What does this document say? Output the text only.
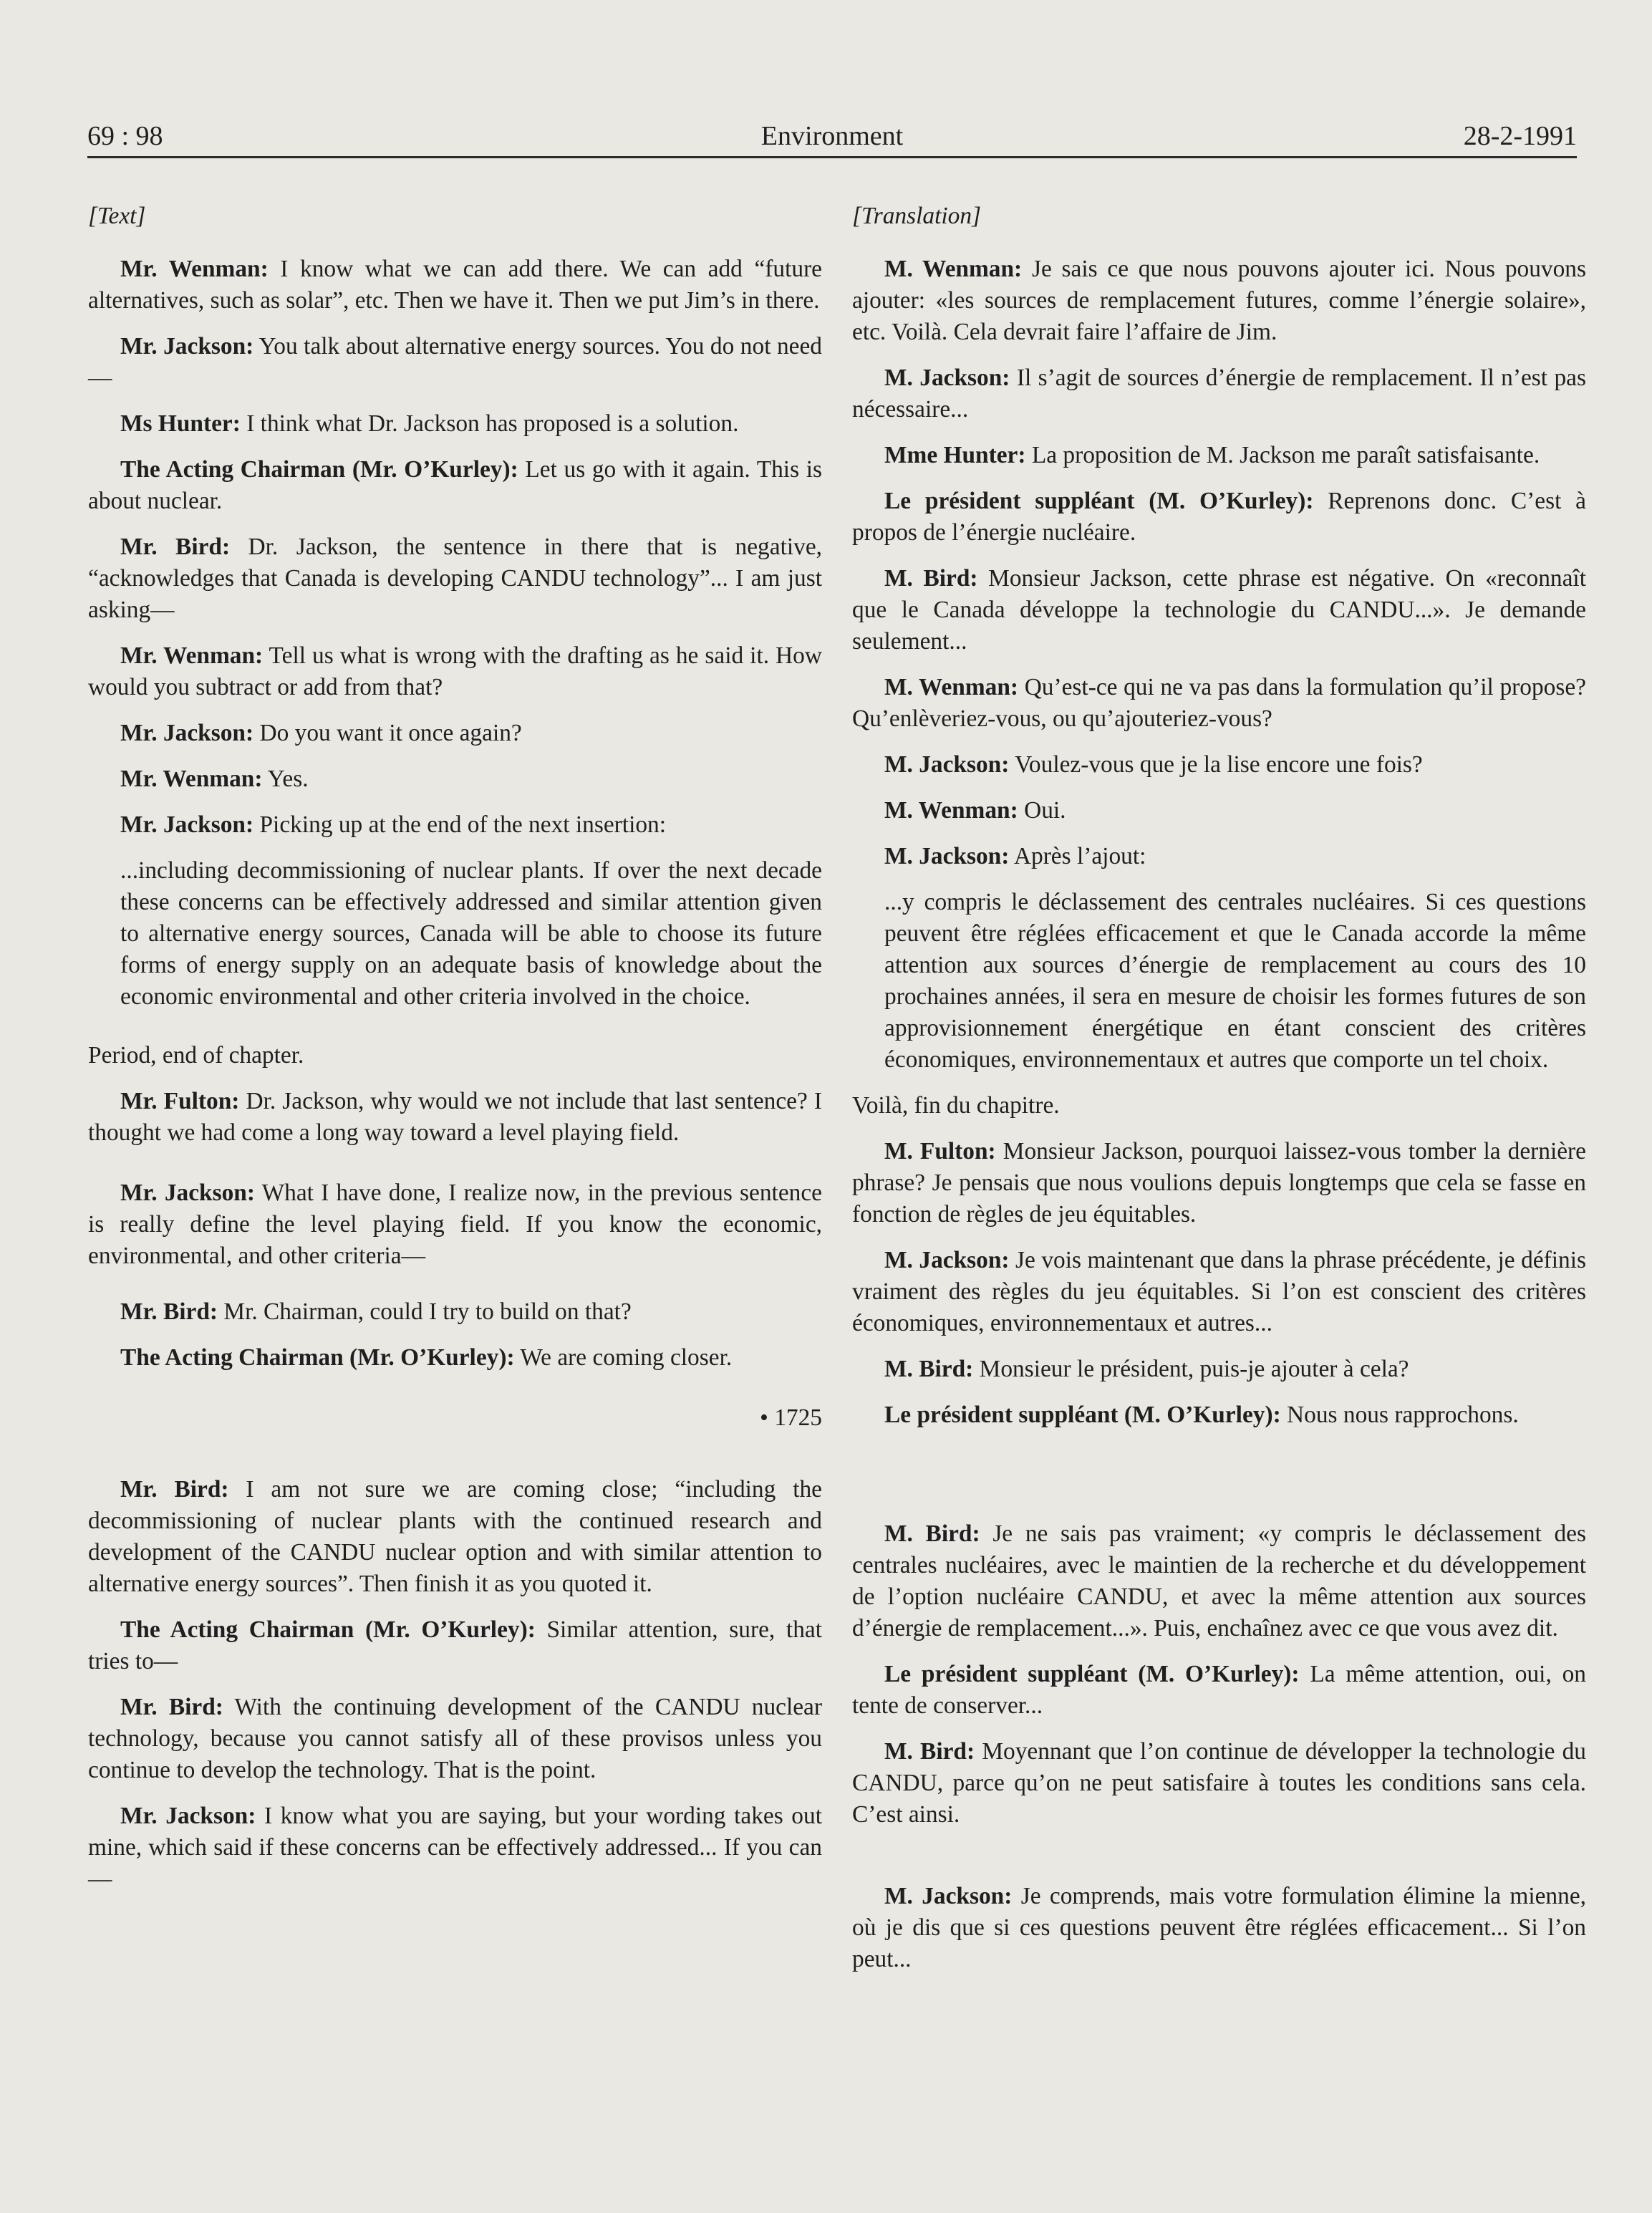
69 : 98	Environment	28-2-1991

[Text]

Mr. Wenman: I know what we can add there. We can add “future alternatives, such as solar”, etc. Then we have it. Then we put Jim’s in there.

Mr. Jackson: You talk about alternative energy sources. You do not need—

Ms Hunter: I think what Dr. Jackson has proposed is a solution.

The Acting Chairman (Mr. O’Kurley): Let us go with it again. This is about nuclear.

Mr. Bird: Dr. Jackson, the sentence in there that is negative, “acknowledges that Canada is developing CANDU technology”... I am just asking—

Mr. Wenman: Tell us what is wrong with the drafting as he said it. How would you subtract or add from that?

Mr. Jackson: Do you want it once again?

Mr. Wenman: Yes.

Mr. Jackson: Picking up at the end of the next insertion:

...including decommissioning of nuclear plants. If over the next decade these concerns can be effectively addressed and similar attention given to alternative energy sources, Canada will be able to choose its future forms of energy supply on an adequate basis of knowledge about the economic environmental and other criteria involved in the choice.

Period, end of chapter.

Mr. Fulton: Dr. Jackson, why would we not include that last sentence? I thought we had come a long way toward a level playing field.

Mr. Jackson: What I have done, I realize now, in the previous sentence is really define the level playing field. If you know the economic, environmental, and other criteria—

Mr. Bird: Mr. Chairman, could I try to build on that?

The Acting Chairman (Mr. O’Kurley): We are coming closer.

• 1725

Mr. Bird: I am not sure we are coming close; “including the decommissioning of nuclear plants with the continued research and development of the CANDU nuclear option and with similar attention to alternative energy sources”. Then finish it as you quoted it.

The Acting Chairman (Mr. O’Kurley): Similar attention, sure, that tries to—

Mr. Bird: With the continuing development of the CANDU nuclear technology, because you cannot satisfy all of these provisos unless you continue to develop the technology. That is the point.

Mr. Jackson: I know what you are saying, but your wording takes out mine, which said if these concerns can be effectively addressed... If you can—

[Translation]

M. Wenman: Je sais ce que nous pouvons ajouter ici. Nous pouvons ajouter: «les sources de remplacement futures, comme l’énergie solaire», etc. Voilà. Cela devrait faire l’affaire de Jim.

M. Jackson: Il s’agit de sources d’énergie de remplacement. Il n’est pas nécessaire...

Mme Hunter: La proposition de M. Jackson me paraît satisfaisante.

Le président suppléant (M. O’Kurley): Reprenons donc. C’est à propos de l’énergie nucléaire.

M. Bird: Monsieur Jackson, cette phrase est négative. On «reconnaît que le Canada développe la technologie du CANDU...». Je demande seulement...

M. Wenman: Qu’est-ce qui ne va pas dans la formulation qu’il propose? Qu’enlèveriez-vous, ou qu’ajouteriez-vous?

M. Jackson: Voulez-vous que je la lise encore une fois?

M. Wenman: Oui.

M. Jackson: Après l’ajout:

...y compris le déclassement des centrales nucléaires. Si ces questions peuvent être réglées efficacement et que le Canada accorde la même attention aux sources d’énergie de remplacement au cours des 10 prochaines années, il sera en mesure de choisir les formes futures de son approvisionnement énergétique en étant conscient des critères économiques, environnementaux et autres que comporte un tel choix.

Voilà, fin du chapitre.

M. Fulton: Monsieur Jackson, pourquoi laissez-vous tomber la dernière phrase? Je pensais que nous voulions depuis longtemps que cela se fasse en fonction de règles de jeu équitables.

M. Jackson: Je vois maintenant que dans la phrase précédente, je définis vraiment des règles du jeu équitables. Si l’on est conscient des critères économiques, environnementaux et autres...

M. Bird: Monsieur le président, puis-je ajouter à cela?

Le président suppléant (M. O’Kurley): Nous nous rapprochons.

M. Bird: Je ne sais pas vraiment; «y compris le déclassement des centrales nucléaires, avec le maintien de la recherche et du développement de l’option nucléaire CANDU, et avec la même attention aux sources d’énergie de remplacement...». Puis, enchaînez avec ce que vous avez dit.

Le président suppléant (M. O’Kurley): La même attention, oui, on tente de conserver...

M. Bird: Moyennant que l’on continue de développer la technologie du CANDU, parce qu’on ne peut satisfaire à toutes les conditions sans cela. C’est ainsi.

M. Jackson: Je comprends, mais votre formulation élimine la mienne, où je dis que si ces questions peuvent être réglées efficacement... Si l’on peut...
